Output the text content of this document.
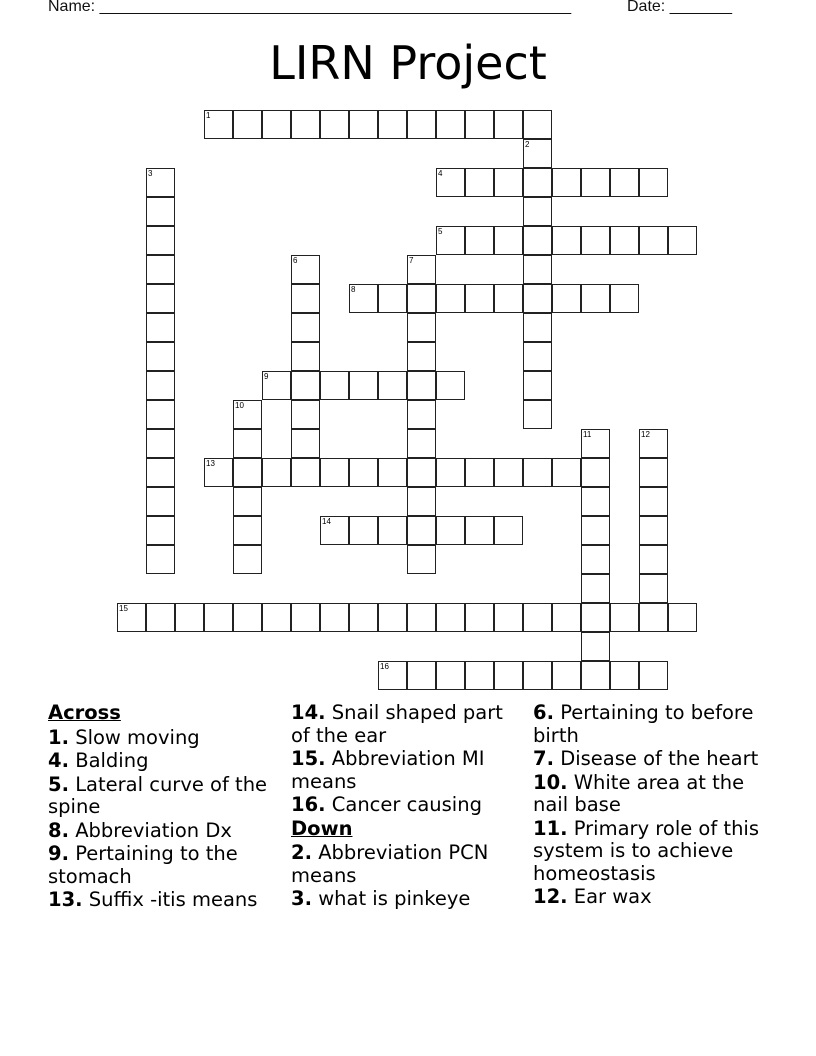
Name: _____________________________________________________	Date: _______
LIRN Project
1
2
3	4
5
6	7
8
9
10
11	12
13
14
15
16
Across
1. Slow moving
4. Balding
5. Lateral curve of the spine
8. Abbreviation Dx
9. Pertaining to the stomach
13. Suffix -itis means
14. Snail shaped part of the ear
15. Abbreviation MI means
16. Cancer causing
Down
2. Abbreviation PCN means
3. what is pinkeye
6. Pertaining to before birth
7. Disease of the heart
10. White area at the nail base
11. Primary role of this system is to achieve homeostasis
12. Ear wax
